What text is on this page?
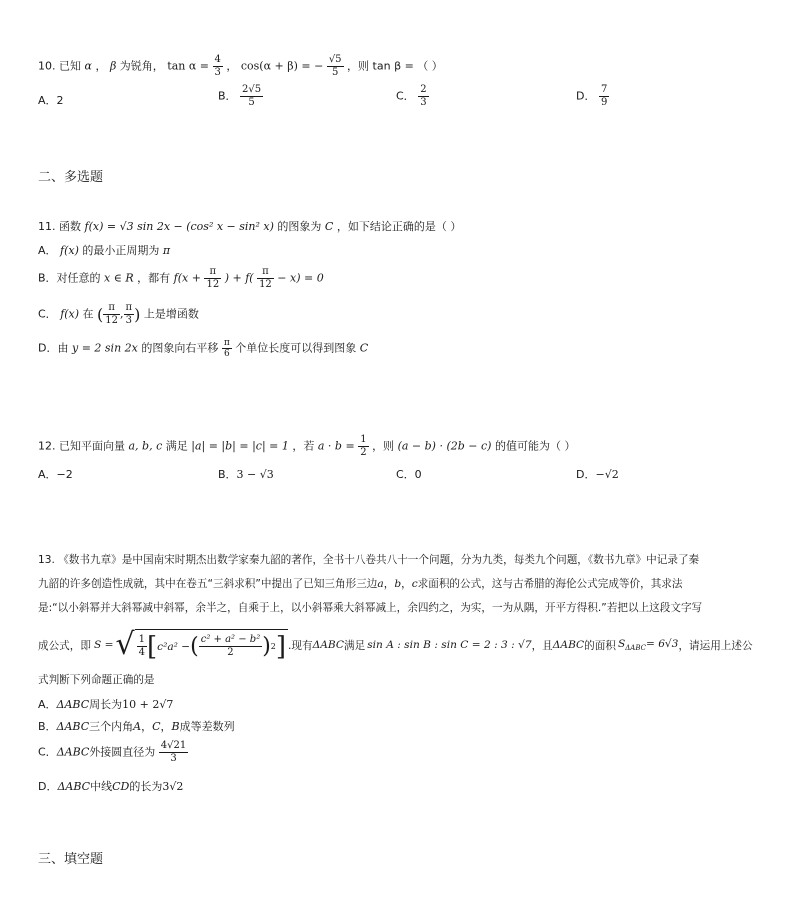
10. 已知 α ， β 为锐角， $\tan \alpha = \frac{4}{3}$ ， cos(α + β) = − $\frac{√5}{5}$ ，则 tan β = （ ）
A．2	B． $\frac{2√5}{5}$	C． $\frac{2}{3}$	D． $\frac{7}{9}$
二、多选题
11. 函数 f(x) = √3 sin 2x − (cos² x − sin² x) 的图象为 C ，如下结论正确的是（ ）
A． f(x) 的最小正周期为 π
B．对任意的 x ∈ R ，都有 $f(x + \frac{\pi}{12}$ ) + $f( \frac{\pi}{12} - x) = 0$
C． f(x) 在 ( $\frac{\pi}{12}$ , $\frac{\pi}{3}$ ) 上是增函数
D．由 y = 2 sin 2x 的图象向右平移 $\frac{\pi}{6}$ 个单位长度可以得到图象 C
12. 已知平面向量 a, b, c 满足 |a| = |b| = |c| = 1 ，若 $a \cdot b = \frac{1}{2}$ ，则 (a − b) · (2b − c) 的值可能为（ ）
A．−2	B．3 − √3	C．0	D．−√2
13. 《数书九章》是中国南宋时期杰出数学家秦九韶的著作，全书十八卷共八十一个问题，分为九类，每类九个问题，《数书九章》中记录了秦
九韶的许多创造性成就，其中在卷五“三斜求积”中提出了已知三角形三边a，b，c求面积的公式，这与古希腊的海伦公式完成等价，其求法
是:“以小斜幂并大斜幂减中斜幂，余半之，自乘于上，以小斜幂乘大斜幂减上，余四约之，为实，一为从隅，开平方得积.”若把以上这段文字写
成公式，即 S = √ $\frac{1}{4}$ [ c²a² − ( $\frac{\text{c² + a² − b²}}{2}$ ) 2 ] .现有 ΔABC 满足 sin A : sin B : sin C = 2 : 3 : √7 ，且 ΔABC 的面积 $S_{\Delta ABC}= 6√3$ ，请运用上述公
式判断下列命题正确的是
A．ΔABC周长为10 + 2√7
B．ΔABC三个内角A，C，B成等差数列
C．ΔABC外接圆直径为 $\frac{4√21}{3}$
D．ΔABC中线CD的长为3√2
三、填空题
